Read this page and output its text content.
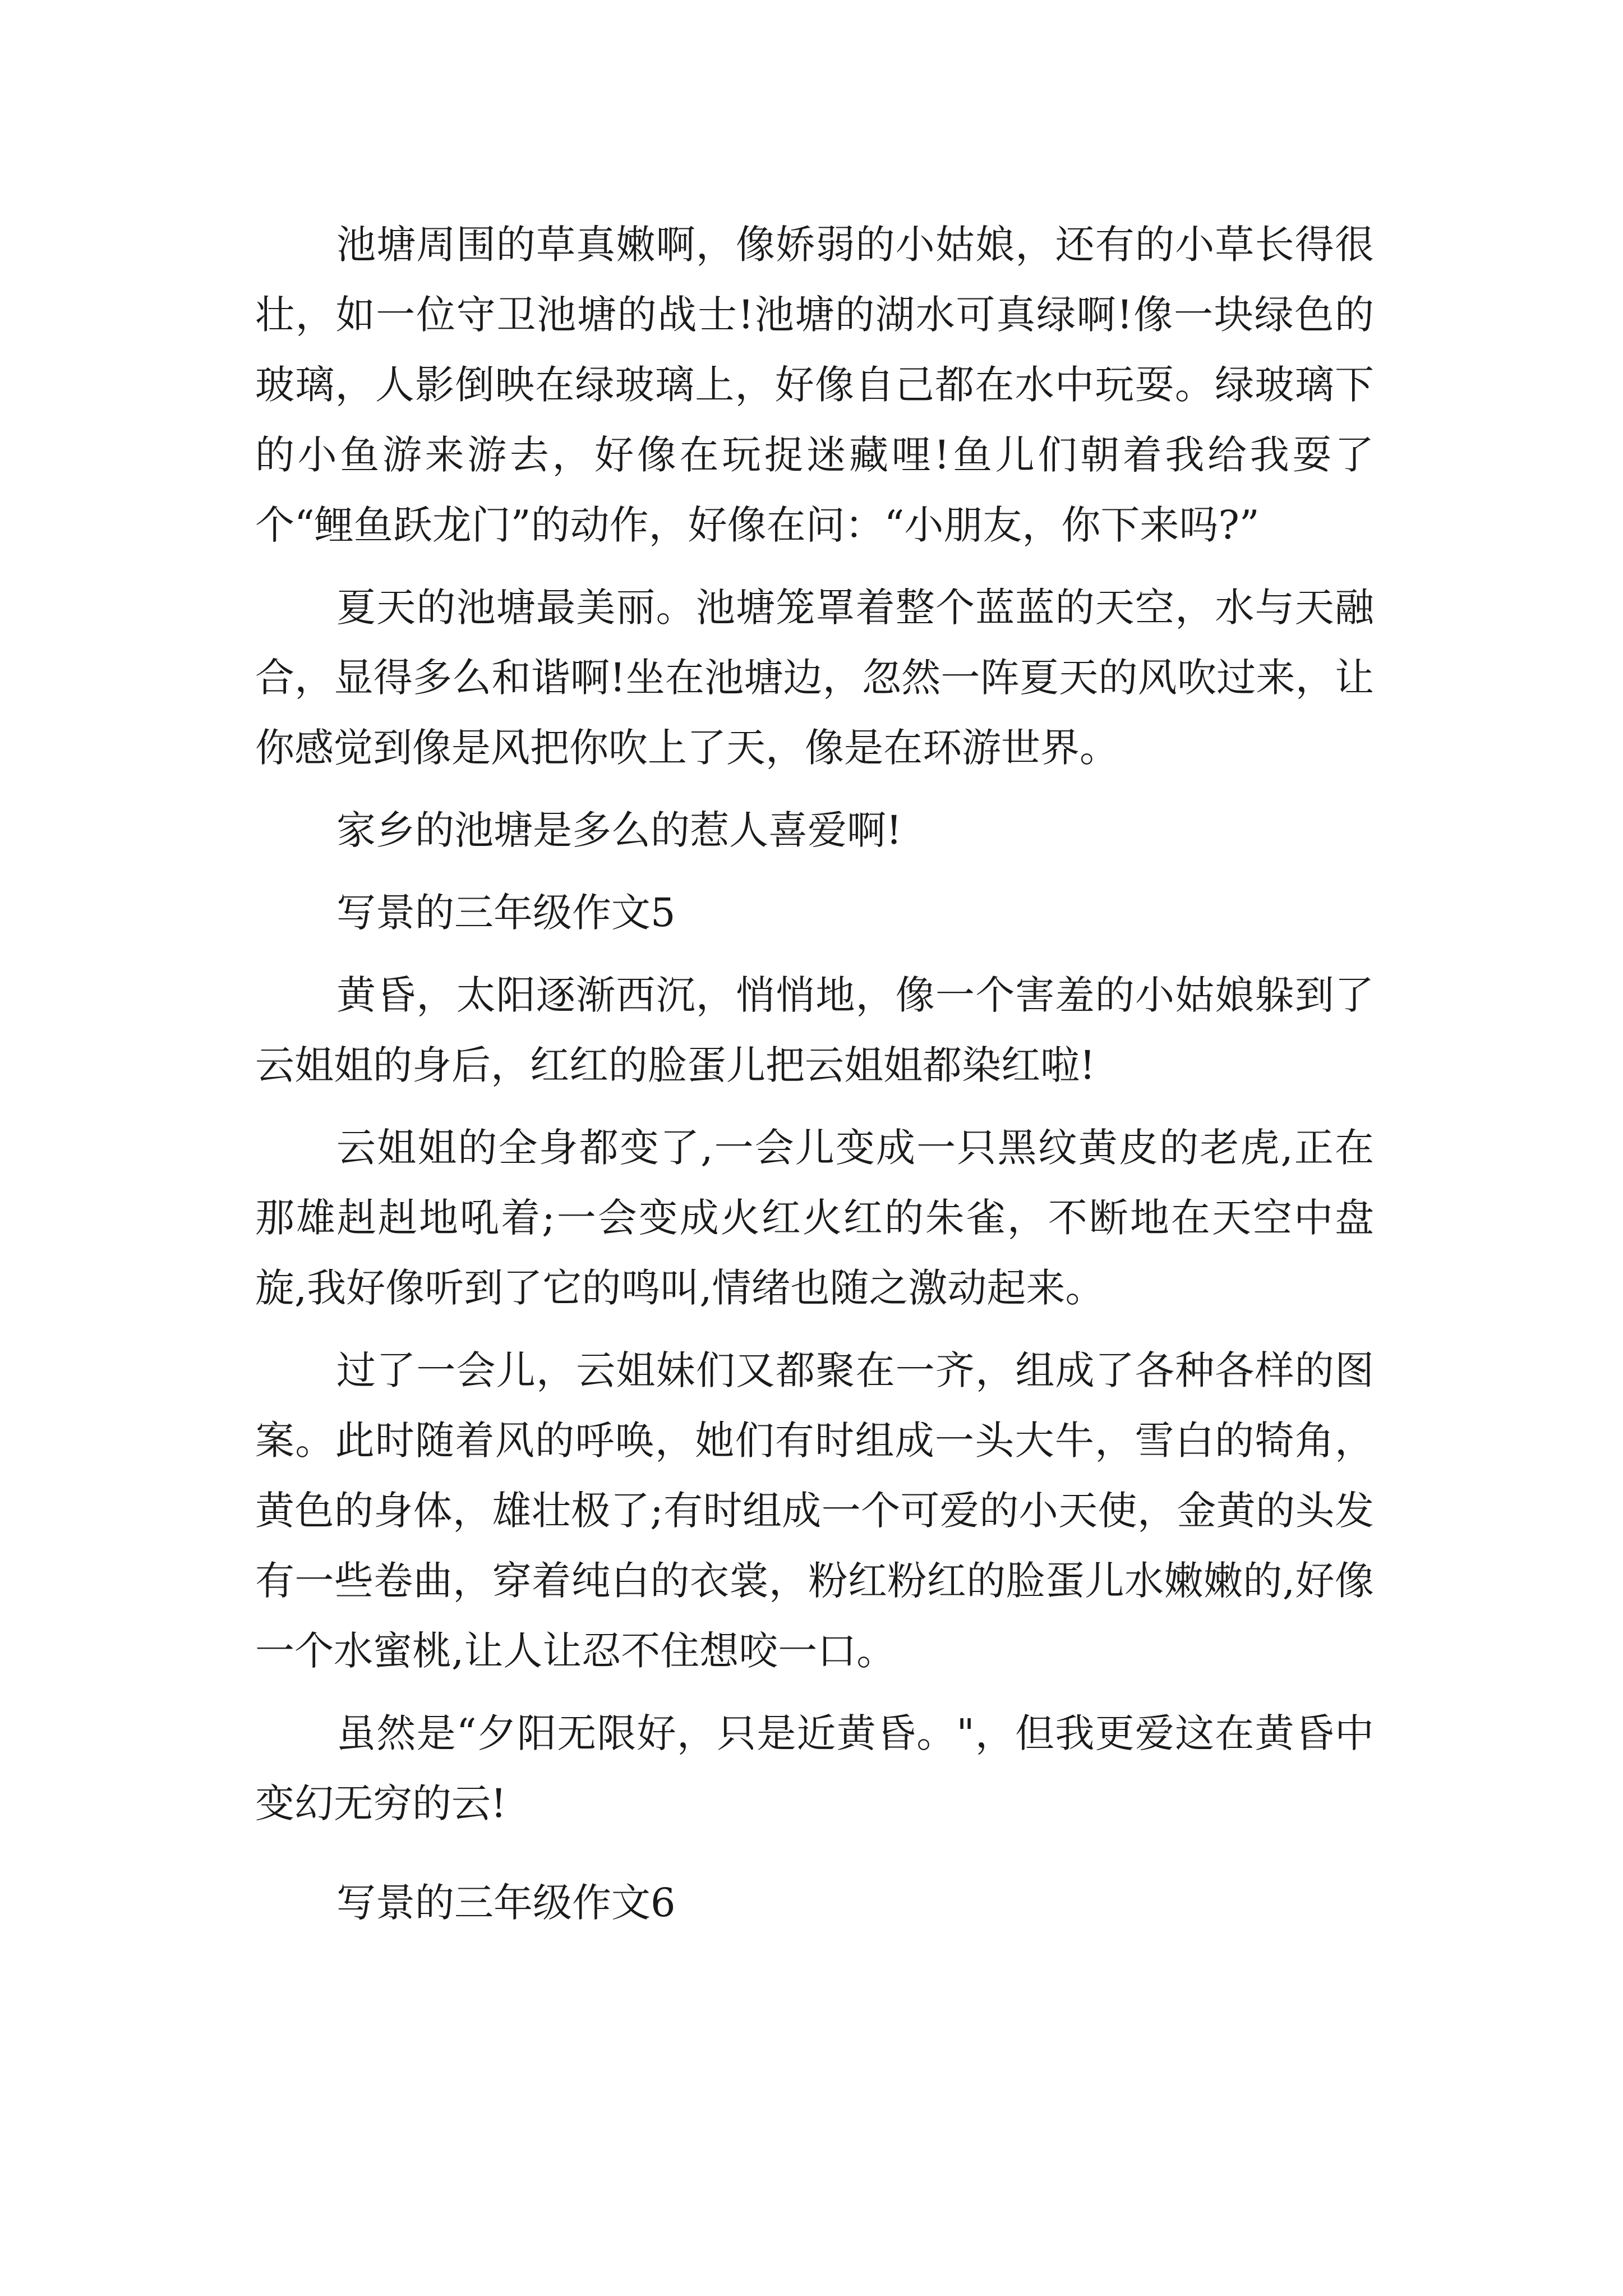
池塘周围的草真嫩啊，像娇弱的小姑娘，还有的小草长得很壮，如一位守卫池塘的战士!池塘的湖水可真绿啊!像一块绿色的玻璃，人影倒映在绿玻璃上，好像自己都在水中玩耍。绿玻璃下的小鱼游来游去，好像在玩捉迷藏哩!鱼儿们朝着我给我耍了个“鲤鱼跃龙门”的动作，好像在问：“小朋友，你下来吗?”

夏天的池塘最美丽。池塘笼罩着整个蓝蓝的天空，水与天融合，显得多么和谐啊!坐在池塘边，忽然一阵夏天的风吹过来，让你感觉到像是风把你吹上了天，像是在环游世界。

家乡的池塘是多么的惹人喜爱啊!

写景的三年级作文5

黄昏，太阳逐渐西沉，悄悄地，像一个害羞的小姑娘躲到了云姐姐的身后，红红的脸蛋儿把云姐姐都染红啦!

云姐姐的全身都变了,一会儿变成一只黑纹黄皮的老虎,正在那雄赳赳地吼着;一会变成火红火红的朱雀，不断地在天空中盘旋,我好像听到了它的鸣叫,情绪也随之激动起来。

过了一会儿，云姐妹们又都聚在一齐，组成了各种各样的图案。此时随着风的呼唤，她们有时组成一头大牛，雪白的犄角，黄色的身体，雄壮极了;有时组成一个可爱的小天使，金黄的头发有一些卷曲，穿着纯白的衣裳，粉红粉红的脸蛋儿水嫩嫩的,好像一个水蜜桃,让人让忍不住想咬一口。

虽然是“夕阳无限好，只是近黄昏。"，但我更爱这在黄昏中变幻无穷的云!

写景的三年级作文6
